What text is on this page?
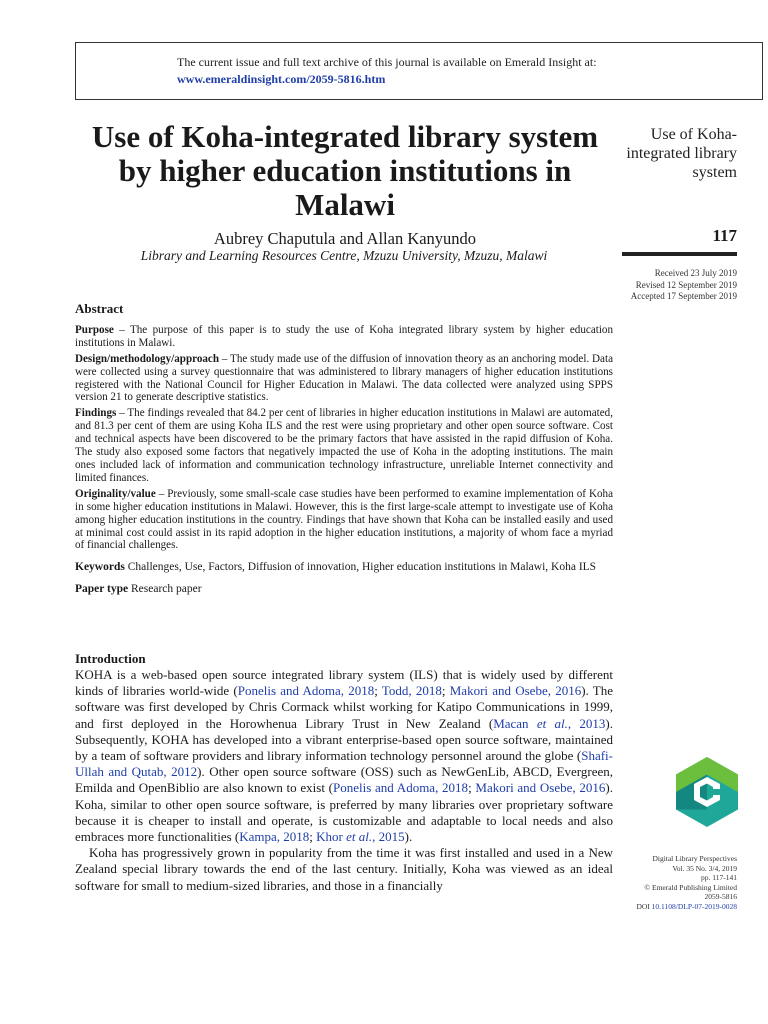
The current issue and full text archive of this journal is available on Emerald Insight at:
www.emeraldinsight.com/2059-5816.htm
Use of Koha-integrated library system by higher education institutions in Malawi
Aubrey Chaputula and Allan Kanyundo
Library and Learning Resources Centre, Mzuzu University, Mzuzu, Malawi
Use of Koha-integrated library system
117
Received 23 July 2019
Revised 12 September 2019
Accepted 17 September 2019
Abstract

Purpose – The purpose of this paper is to study the use of Koha integrated library system by higher education institutions in Malawi.

Design/methodology/approach – The study made use of the diffusion of innovation theory as an anchoring model. Data were collected using a survey questionnaire that was administered to library managers of higher education institutions registered with the National Council for Higher Education in Malawi. The data collected were analyzed using SPPS version 21 to generate descriptive statistics.

Findings – The findings revealed that 84.2 per cent of libraries in higher education institutions in Malawi are automated, and 81.3 per cent of them are using Koha ILS and the rest were using proprietary and other open source software. Cost and technical aspects have been discovered to be the primary factors that have assisted in the rapid diffusion of Koha. The study also exposed some factors that negatively impacted the use of Koha in the adopting institutions. The main ones included lack of information and communication technology infrastructure, unreliable Internet connectivity and limited finances.

Originality/value – Previously, some small-scale case studies have been performed to examine implementation of Koha in some higher education institutions in Malawi. However, this is the first large-scale attempt to investigate use of Koha among higher education institutions in the country. Findings that have shown that Koha can be installed easily and used at minimal cost could assist in its rapid adoption in the higher education institutions, a majority of whom face a myriad of financial challenges.

Keywords Challenges, Use, Factors, Diffusion of innovation, Higher education institutions in Malawi, Koha ILS

Paper type Research paper

Introduction

KOHA is a web-based open source integrated library system (ILS) that is widely used by different kinds of libraries world-wide (Ponelis and Adoma, 2018; Todd, 2018; Makori and Osebe, 2016). The software was first developed by Chris Cormack whilst working for Katipo Communications in 1999, and first deployed in the Horowhenua Library Trust in New Zealand (Macan et al., 2013). Subsequently, KOHA has developed into a vibrant enterprise-based open source software, maintained by a team of software providers and library information technology personnel around the globe (Shafi-Ullah and Qutab, 2012). Other open source software (OSS) such as NewGenLib, ABCD, Evergreen, Emilda and OpenBiblio are also known to exist (Ponelis and Adoma, 2018; Makori and Osebe, 2016). Koha, similar to other open source software, is preferred by many libraries over proprietary software because it is cheaper to install and operate, is customizable and adaptable to local needs and also embraces more functionalities (Kampa, 2018; Khor et al., 2015).

Koha has progressively grown in popularity from the time it was first installed and used in a New Zealand special library towards the end of the last century. Initially, Koha was viewed as an ideal software for small to medium-sized libraries, and those in a financially

Digital Library Perspectives
Vol. 35 No. 3/4, 2019
pp. 117-141
© Emerald Publishing Limited
2059-5816
DOI 10.1108/DLP-07-2019-0028
